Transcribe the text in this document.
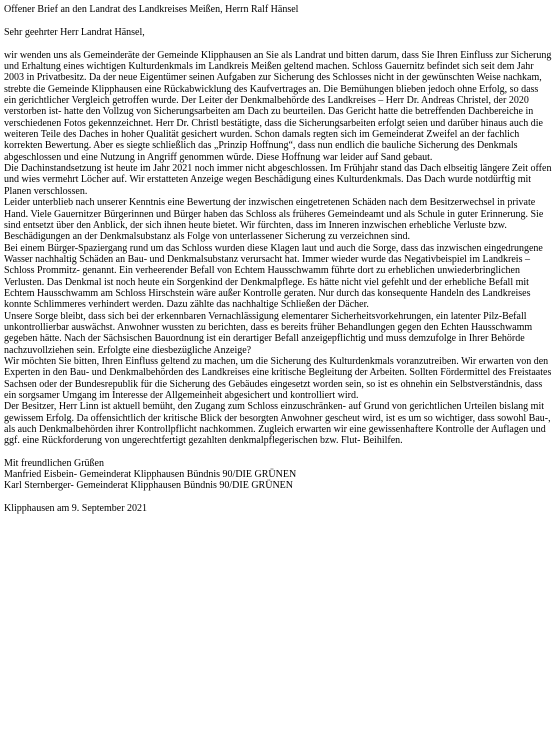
Offener Brief an den Landrat des Landkreises Meißen, Herrn Ralf Hänsel

Sehr geehrter Herr Landrat Hänsel,

wir wenden uns als Gemeinderäte der Gemeinde Klipphausen an Sie als Landrat und bitten darum, dass Sie Ihren Einfluss zur Sicherung und Erhaltung eines wichtigen Kulturdenkmals im Landkreis Meißen geltend machen. Schloss Gauernitz befindet sich seit dem Jahr 2003 in Privatbesitz. Da der neue Eigentümer seinen Aufgaben zur Sicherung des Schlosses nicht in der gewünschten Weise nachkam, strebte die Gemeinde Klipphausen eine Rückabwicklung des Kaufvertrages an. Die Bemühungen blieben jedoch ohne Erfolg, so dass ein gerichtlicher Vergleich getroffen wurde. Der Leiter der Denkmalbehörde des Landkreises – Herr Dr. Andreas Christel, der 2020 verstorben ist- hatte den Vollzug von Sicherungsarbeiten am Dach zu beurteilen. Das Gericht hatte die betreffenden Dachbereiche in verschiedenen Fotos gekennzeichnet. Herr Dr. Christl bestätigte, dass die Sicherungsarbeiten erfolgt seien und darüber hinaus auch die weiteren Teile des Daches in hoher Qualität gesichert wurden. Schon damals regten sich im Gemeinderat Zweifel an der fachlich korrekten Bewertung. Aber es siegte schließlich das „Prinzip Hoffnung“, dass nun endlich die bauliche Sicherung des Denkmals abgeschlossen und eine Nutzung in Angriff genommen würde. Diese Hoffnung war leider auf Sand gebaut.

Die Dachinstandsetzung ist heute im Jahr 2021 noch immer nicht abgeschlossen. Im Frühjahr stand das Dach elbseitig längere Zeit offen und wies vermehrt Löcher auf. Wir erstatteten Anzeige wegen Beschädigung eines Kulturdenkmals. Das Dach wurde notdürftig mit Planen verschlossen.

Leider unterblieb nach unserer Kenntnis eine Bewertung der inzwischen eingetretenen Schäden nach dem Besitzerwechsel in private Hand. Viele Gauernitzer Bürgerinnen und Bürger haben das Schloss als früheres Gemeindeamt und als Schule in guter Erinnerung. Sie sind entsetzt über den Anblick, der sich ihnen heute bietet. Wir fürchten, dass im Inneren inzwischen erhebliche Verluste bzw. Beschädigungen an der Denkmalsubstanz als Folge von unterlassener Sicherung zu verzeichnen sind.

Bei einem Bürger-Spaziergang rund um das Schloss wurden diese Klagen laut und auch die Sorge, dass das inzwischen eingedrungene Wasser nachhaltig Schäden an Bau- und Denkmalsubstanz verursacht hat. Immer wieder wurde das Negativbeispiel im Landkreis – Schloss Prommitz- genannt. Ein verheerender Befall von Echtem Hausschwamm führte dort zu erheblichen unwiederbringlichen Verlusten. Das Denkmal ist noch heute ein Sorgenkind der Denkmalpflege. Es hätte nicht viel gefehlt und der erhebliche Befall mit Echtem Hausschwamm am Schloss Hirschstein wäre außer Kontrolle geraten. Nur durch das konsequente Handeln des Landkreises konnte Schlimmeres verhindert werden. Dazu zählte das nachhaltige Schließen der Dächer.

Unsere Sorge bleibt, dass sich bei der erkennbaren Vernachlässigung elementarer Sicherheitsvorkehrungen, ein latenter Pilz-Befall unkontrollierbar auswächst. Anwohner wussten zu berichten, dass es bereits früher Behandlungen gegen den Echten Hausschwamm gegeben hätte. Nach der Sächsischen Bauordnung ist ein derartiger Befall anzeigepflichtig und muss demzufolge in Ihrer Behörde nachzuvollziehen sein. Erfolgte eine diesbezügliche Anzeige?

Wir möchten Sie bitten, Ihren Einfluss geltend zu machen, um die Sicherung des Kulturdenkmals voranzutreiben. Wir erwarten von den Experten in den Bau- und Denkmalbehörden des Landkreises eine kritische Begleitung der Arbeiten. Sollten Fördermittel des Freistaates Sachsen oder der Bundesrepublik für die Sicherung des Gebäudes eingesetzt worden sein, so ist es ohnehin ein Selbstverständnis, dass ein sorgsamer Umgang im Interesse der Allgemeinheit abgesichert und kontrolliert wird.

Der Besitzer, Herr Linn ist aktuell bemüht, den Zugang zum Schloss einzuschränken- auf Grund von gerichtlichen Urteilen bislang mit gewissem Erfolg. Da offensichtlich der kritische Blick der besorgten Anwohner gescheut wird, ist es um so wichtiger, dass sowohl Bau-, als auch Denkmalbehörden ihrer Kontrollpflicht nachkommen. Zugleich erwarten wir eine gewissenhaftere Kontrolle der Auflagen und ggf. eine Rückforderung von ungerechtfertigt gezahlten denkmalpflegerischen bzw. Flut- Beihilfen.

Mit freundlichen Grüßen

Manfried Eisbein- Gemeinderat Klipphausen Bündnis 90/DIE GRÜNEN

Karl Sternberger- Gemeinderat Klipphausen Bündnis 90/DIE GRÜNEN

Klipphausen am 9. September 2021
